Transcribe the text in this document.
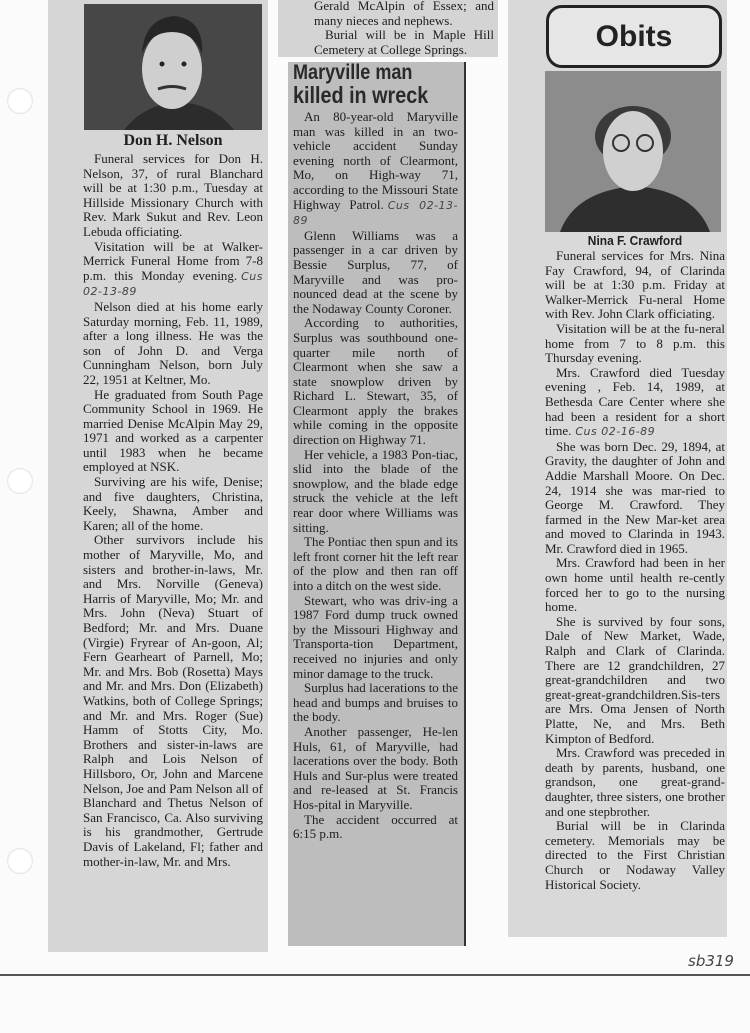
Don H. Nelson

Funeral services for Don H. Nelson, 37, of rural Blanchard will be at 1:30 p.m., Tuesday at Hillside Missionary Church with Rev. Mark Sukut and Rev. Leon Lebuda officiating.

Visitation will be at Walker-Merrick Funeral Home from 7-8 p.m. this Monday evening. Cus 02-13-89

Nelson died at his home early Saturday morning, Feb. 11, 1989, after a long illness. He was the son of John D. and Verga Cunningham Nelson, born July 22, 1951 at Keltner, Mo.

He graduated from South Page Community School in 1969. He married Denise McAlpin May 29, 1971 and worked as a carpenter until 1983 when he became employed at NSK.

Surviving are his wife, Denise; and five daughters, Christina, Keely, Shawna, Amber and Karen; all of the home.

Other survivors include his mother of Maryville, Mo, and sisters and brother-in-laws, Mr. and Mrs. Norville (Geneva) Harris of Maryville, Mo; Mr. and Mrs. John (Neva) Stuart of Bedford; Mr. and Mrs. Duane (Virgie) Fryrear of An-goon, Al; Fern Gearheart of Parnell, Mo; Mr. and Mrs. Bob (Rosetta) Mays and Mr. and Mrs. Don (Elizabeth) Watkins, both of College Springs; and Mr. and Mrs. Roger (Sue) Hamm of Stotts City, Mo. Brothers and sister-in-laws are Ralph and Lois Nelson of Hillsboro, Or, John and Marcene Nelson, Joe and Pam Nelson all of Blanchard and Thetus Nelson of San Francisco, Ca. Also surviving is his grandmother, Gertrude Davis of Lakeland, Fl; father and mother-in-law, Mr. and Mrs.

Gerald McAlpin of Essex; and many nieces and nephews.

Burial will be in Maple Hill Cemetery at College Springs.

Maryville man
killed in wreck

An 80-year-old Maryville man was killed in an two-vehicle accident Sunday evening north of Clearmont, Mo, on High-way 71, according to the Missouri State Highway Patrol. Cus 02-13-89

Glenn Williams was a passenger in a car driven by Bessie Surplus, 77, of Maryville and was pro-nounced dead at the scene by the Nodaway County Coroner.

According to authorities, Surplus was southbound one-quarter mile north of Clearmont when she saw a state snowplow driven by Richard L. Stewart, 35, of Clearmont apply the brakes while coming in the opposite direction on Highway 71.

Her vehicle, a 1983 Pon-tiac, slid into the blade of the snowplow, and the blade edge struck the vehicle at the left rear door where Williams was sitting.

The Pontiac then spun and its left front corner hit the left rear of the plow and then ran off into a ditch on the west side.

Stewart, who was driv-ing a 1987 Ford dump truck owned by the Missouri Highway and Transporta-tion Department, received no injuries and only minor damage to the truck.

Surplus had lacerations to the head and bumps and bruises to the body.

Another passenger, He-len Huls, 61, of Maryville, had lacerations over the body. Both Huls and Sur-plus were treated and re-leased at St. Francis Hos-pital in Maryville.

The accident occurred at 6:15 p.m.

Obits
Nina F. Crawford

Funeral services for Mrs. Nina Fay Crawford, 94, of Clarinda will be at 1:30 p.m. Friday at Walker-Merrick Fu-neral Home with Rev. John Clark officiating.

Visitation will be at the fu-neral home from 7 to 8 p.m. this Thursday evening.

Mrs. Crawford died Tuesday evening , Feb. 14, 1989, at Bethesda Care Center where she had been a resident for a short time. Cus 02-16-89

She was born Dec. 29, 1894, at Gravity, the daughter of John and Addie Marshall Moore. On Dec. 24, 1914 she was mar-ried to George M. Crawford. They farmed in the New Mar-ket area and moved to Clarinda in 1943. Mr. Crawford died in 1965.

Mrs. Crawford had been in her own home until health re-cently forced her to go to the nursing home.

She is survived by four sons, Dale of New Market, Wade, Ralph and Clark of Clarinda. There are 12 grandchildren, 27 great-grandchildren and two great-great-grandchildren.Sis-ters are Mrs. Oma Jensen of North Platte, Ne, and Mrs. Beth Kimpton of Bedford.

Mrs. Crawford was preceded in death by parents, husband, one grandson, one great-grand-daughter, three sisters, one brother and one stepbrother.

Burial will be in Clarinda cemetery. Memorials may be directed to the First Christian Church or Nodaway Valley Historical Society.

sb319
